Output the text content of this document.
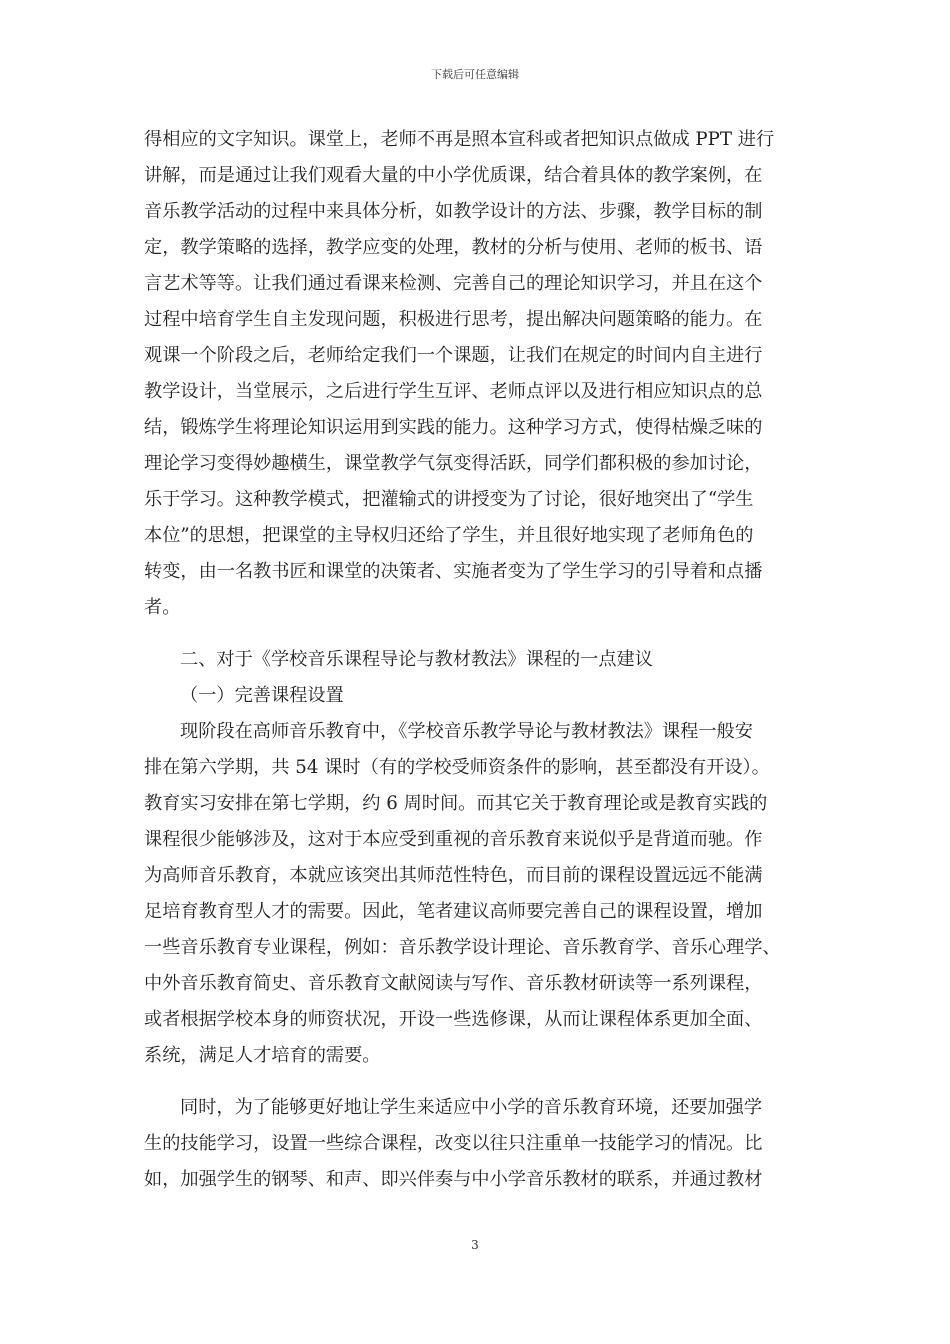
下载后可任意编辑
得相应的文字知识。课堂上，老师不再是照本宣科或者把知识点做成 PPT 进行
讲解，而是通过让我们观看大量的中小学优质课，结合着具体的教学案例，在
音乐教学活动的过程中来具体分析，如教学设计的方法、步骤，教学目标的制
定，教学策略的选择，教学应变的处理，教材的分析与使用、老师的板书、语
言艺术等等。让我们通过看课来检测、完善自己的理论知识学习，并且在这个
过程中培育学生自主发现问题，积极进行思考，提出解决问题策略的能力。在
观课一个阶段之后，老师给定我们一个课题，让我们在规定的时间内自主进行
教学设计，当堂展示，之后进行学生互评、老师点评以及进行相应知识点的总
结，锻炼学生将理论知识运用到实践的能力。这种学习方式，使得枯燥乏味的
理论学习变得妙趣横生，课堂教学气氛变得活跃，同学们都积极的参加讨论，
乐于学习。这种教学模式，把灌输式的讲授变为了讨论，很好地突出了“学生
本位”的思想，把课堂的主导权归还给了学生，并且很好地实现了老师角色的
转变，由一名教书匠和课堂的决策者、实施者变为了学生学习的引导着和点播
者。
二、对于《学校音乐课程导论与教材教法》课程的一点建议
（一）完善课程设置
现阶段在高师音乐教育中，《学校音乐教学导论与教材教法》课程一般安
排在第六学期，共 54 课时（有的学校受师资条件的影响，甚至都没有开设）。
教育实习安排在第七学期，约 6 周时间。而其它关于教育理论或是教育实践的
课程很少能够涉及，这对于本应受到重视的音乐教育来说似乎是背道而驰。作
为高师音乐教育，本就应该突出其师范性特色，而目前的课程设置远远不能满
足培育教育型人才的需要。因此，笔者建议高师要完善自己的课程设置，增加
一些音乐教育专业课程，例如：音乐教学设计理论、音乐教育学、音乐心理学、
中外音乐教育简史、音乐教育文献阅读与写作、音乐教材研读等一系列课程，
或者根据学校本身的师资状况，开设一些选修课，从而让课程体系更加全面、
系统，满足人才培育的需要。
同时，为了能够更好地让学生来适应中小学的音乐教育环境，还要加强学
生的技能学习，设置一些综合课程，改变以往只注重单一技能学习的情况。比
如，加强学生的钢琴、和声、即兴伴奏与中小学音乐教材的联系，并通过教材
3
